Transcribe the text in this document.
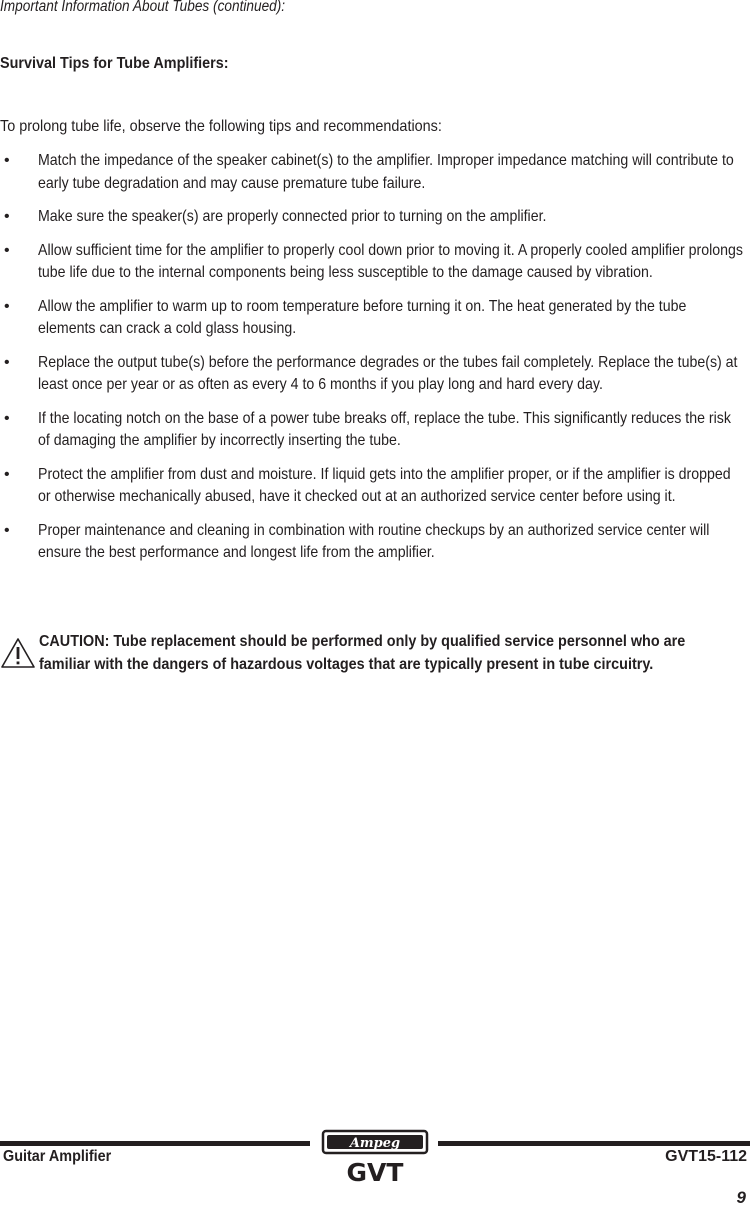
Important Information About Tubes (continued):
Survival Tips for Tube Amplifiers:
To prolong tube life, observe the following tips and recommendations:
• Match the impedance of the speaker cabinet(s) to the amplifier. Improper impedance matching will contribute to early tube degradation and may cause premature tube failure.
• Make sure the speaker(s) are properly connected prior to turning on the amplifier.
• Allow sufficient time for the amplifier to properly cool down prior to moving it. A properly cooled amplifier prolongs tube life due to the internal components being less susceptible to the damage caused by vibration.
• Allow the amplifier to warm up to room temperature before turning it on. The heat generated by the tube elements can crack a cold glass housing.
• Replace the output tube(s) before the performance degrades or the tubes fail completely. Replace the tube(s) at least once per year or as often as every 4 to 6 months if you play long and hard every day.
• If the locating notch on the base of a power tube breaks off, replace the tube. This significantly reduces the risk of damaging the amplifier by incorrectly inserting the tube.
• Protect the amplifier from dust and moisture. If liquid gets into the amplifier proper, or if the amplifier is dropped or otherwise mechanically abused, have it checked out at an authorized service center before using it.
• Proper maintenance and cleaning in combination with routine checkups by an authorized service center will ensure the best performance and longest life from the amplifier.
CAUTION: Tube replacement should be performed only by qualified service personnel who are familiar with the dangers of hazardous voltages that are typically present in tube circuitry.
Guitar Amplifier
Ampeg
GVT
GVT15-112
9
